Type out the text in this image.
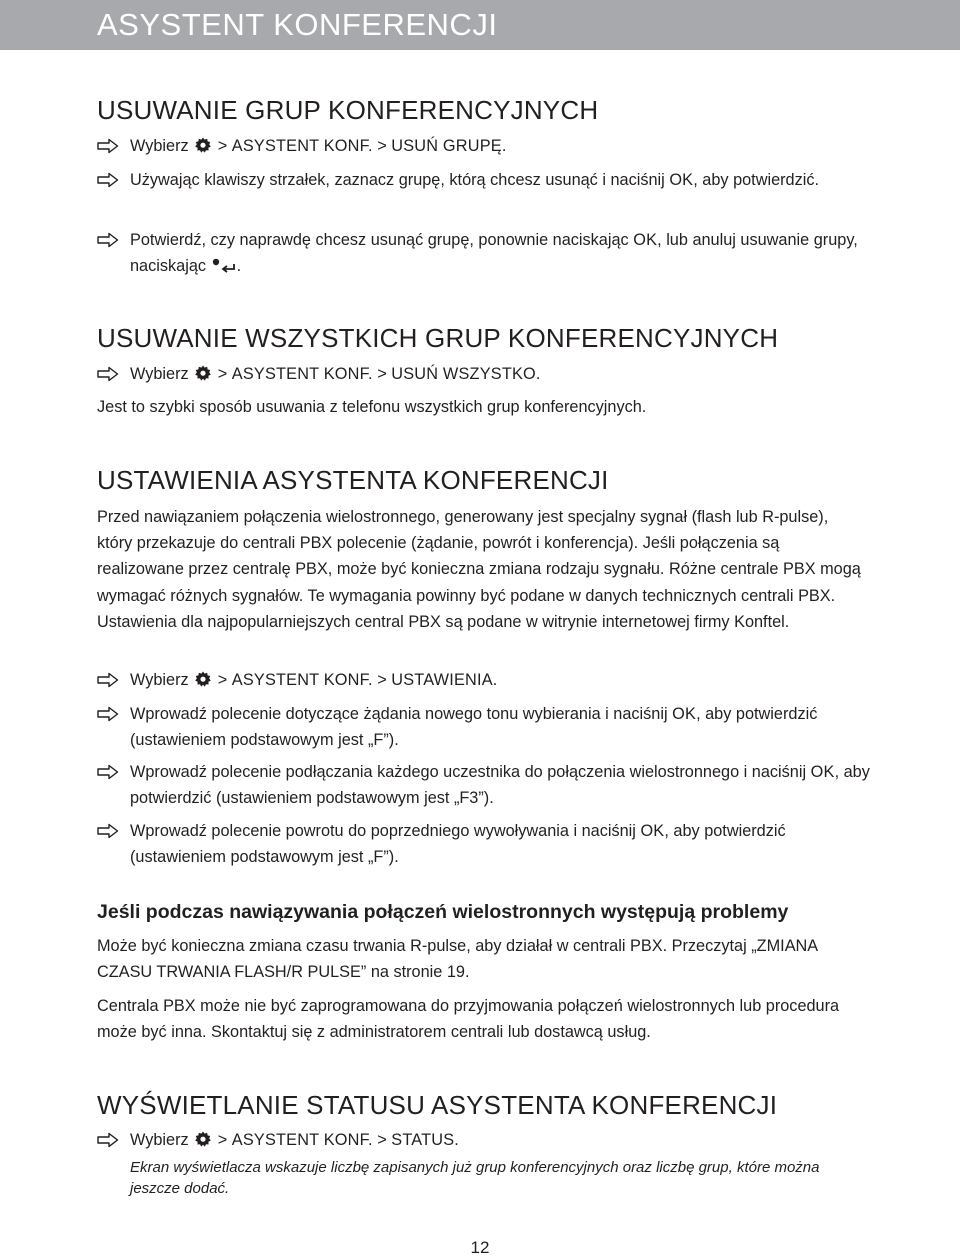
ASYSTENT KONFERENCJI
USUWANIE GRUP KONFERENCYJNYCH
Wybierz > ASYSTENT KONF. > USUŃ GRUPĘ.
Używając klawiszy strzałek, zaznacz grupę, którą chcesz usunąć i naciśnij OK, aby potwierdzić.
Potwierdź, czy naprawdę chcesz usunąć grupę, ponownie naciskając OK, lub anuluj usuwanie grupy, naciskając .
USUWANIE WSZYSTKICH GRUP KONFERENCYJNYCH
Wybierz > ASYSTENT KONF. > USUŃ WSZYSTKO.
Jest to szybki sposób usuwania z telefonu wszystkich grup konferencyjnych.
USTAWIENIA ASYSTENTA KONFERENCJI
Przed nawiązaniem połączenia wielostronnego, generowany jest specjalny sygnał (flash lub R-pulse), który przekazuje do centrali PBX polecenie (żądanie, powrót i konferencja). Jeśli połączenia są realizowane przez centralę PBX, może być konieczna zmiana rodzaju sygnału. Różne centrale PBX mogą wymagać różnych sygnałów. Te wymagania powinny być podane w danych technicznych centrali PBX. Ustawienia dla najpopularniejszych central PBX są podane w witrynie internetowej firmy Konftel.
Wybierz > ASYSTENT KONF. > USTAWIENIA.
Wprowadź polecenie dotyczące żądania nowego tonu wybierania i naciśnij OK, aby potwierdzić (ustawieniem podstawowym jest „F”).
Wprowadź polecenie podłączania każdego uczestnika do połączenia wielostronnego i naciśnij OK, aby potwierdzić (ustawieniem podstawowym jest „F3”).
Wprowadź polecenie powrotu do poprzedniego wywoływania i naciśnij OK, aby potwierdzić (ustawieniem podstawowym jest „F”).
Jeśli podczas nawiązywania połączeń wielostronnych występują problemy
Może być konieczna zmiana czasu trwania R-pulse, aby działał w centrali PBX. Przeczytaj „ZMIANA CZASU TRWANIA FLASH/R PULSE” na stronie 19.
Centrala PBX może nie być zaprogramowana do przyjmowania połączeń wielostronnych lub procedura może być inna. Skontaktuj się z administratorem centrali lub dostawcą usług.
WYŚWIETLANIE STATUSU ASYSTENTA KONFERENCJI
Wybierz > ASYSTENT KONF. > STATUS.
Ekran wyświetlacza wskazuje liczbę zapisanych już grup konferencyjnych oraz liczbę grup, które można jeszcze dodać.
12
